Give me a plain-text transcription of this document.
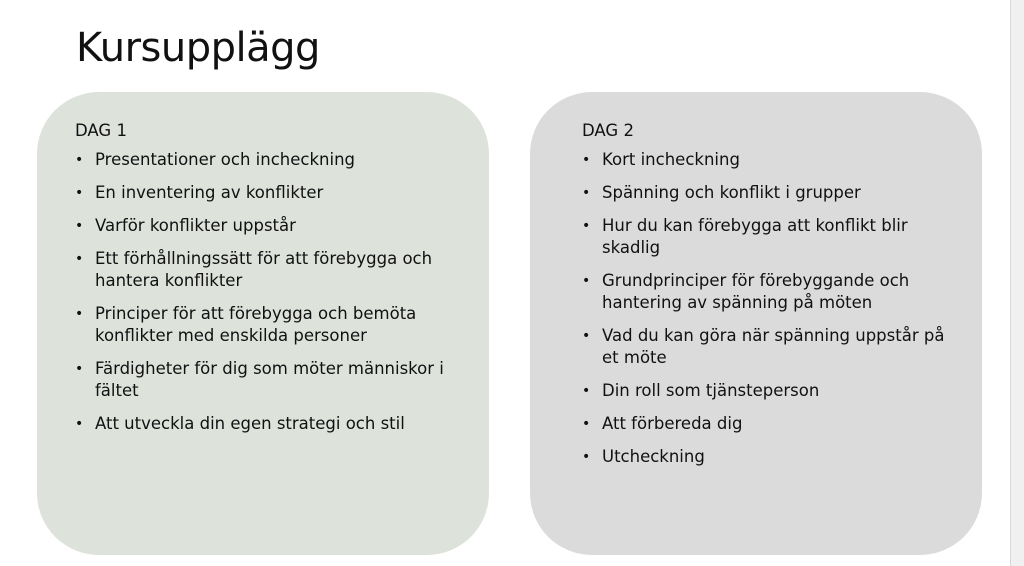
Kursupplägg
DAG 1
• Presentationer och incheckning
• En inventering av konflikter
• Varför konflikter uppstår
• Ett förhållningssätt för att förebygga och hantera konflikter
• Principer för att förebygga och bemöta konflikter med enskilda personer
• Färdigheter för dig som möter människor i fältet
• Att utveckla din egen strategi och stil
DAG 2
• Kort incheckning
• Spänning och konflikt i grupper
• Hur du kan förebygga att konflikt blir skadlig
• Grundprinciper för förebyggande och hantering av spänning på möten
• Vad du kan göra när spänning uppstår på et möte
• Din roll som tjänsteperson
• Att förbereda dig
• Utcheckning
